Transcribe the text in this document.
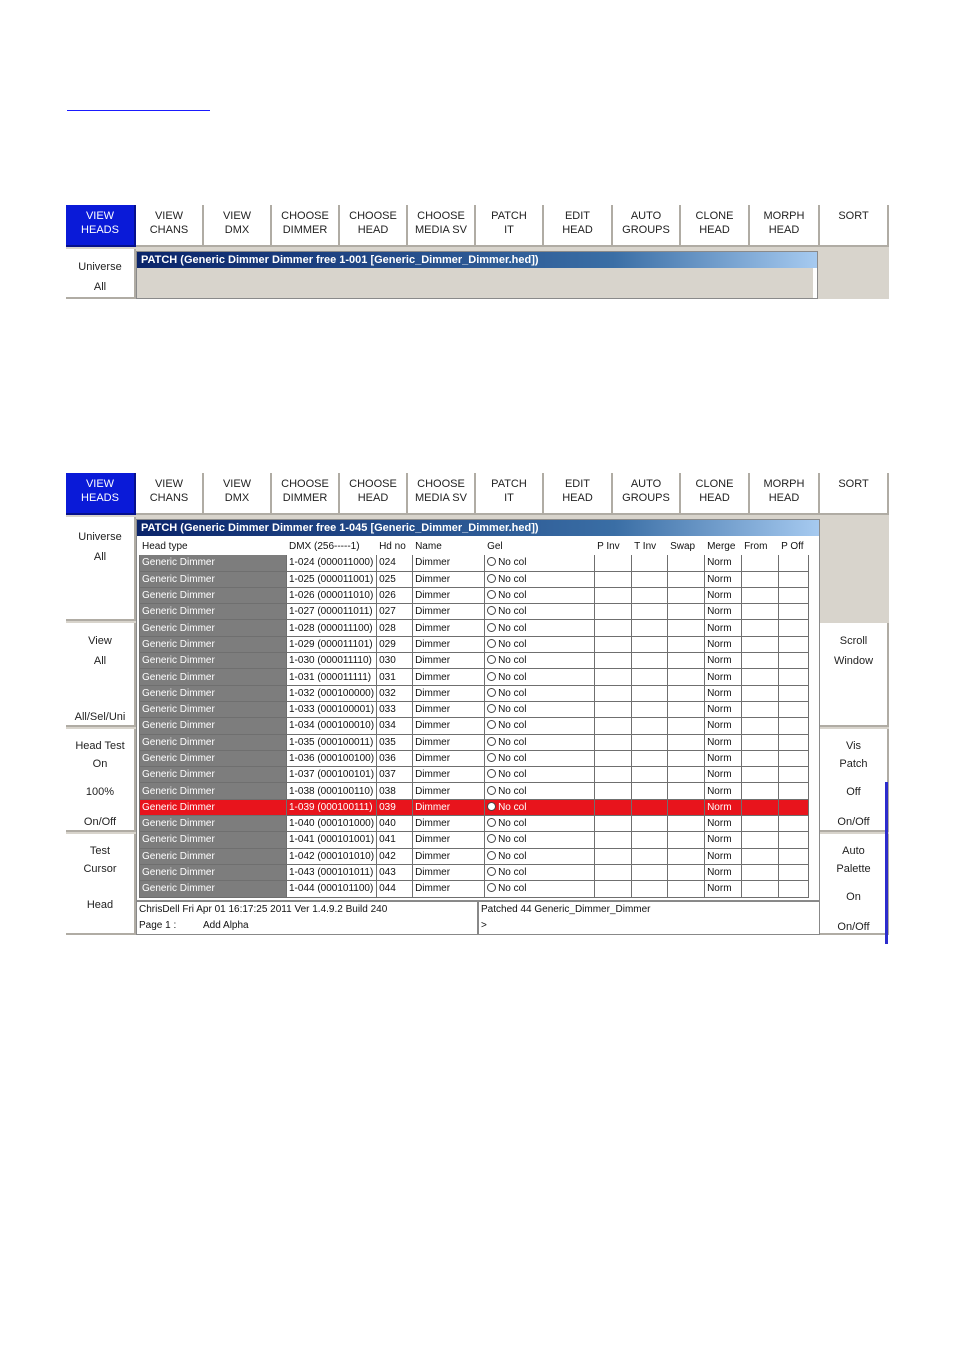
VIEW
HEADS
VIEW
CHANS
VIEW
DMX
CHOOSE
DIMMER
CHOOSE
HEAD
CHOOSE
MEDIA SV
PATCH
IT
EDIT
HEAD
AUTO
GROUPS
CLONE
HEAD
MORPH
HEAD
SORT
Universe
All
PATCH (Generic Dimmer Dimmer free 1-001 [Generic_Dimmer_Dimmer.hed])
VIEW
HEADS
VIEW
CHANS
VIEW
DMX
CHOOSE
DIMMER
CHOOSE
HEAD
CHOOSE
MEDIA SV
PATCH
IT
EDIT
HEAD
AUTO
GROUPS
CLONE
HEAD
MORPH
HEAD
SORT
Universe
All
View
All
All/Sel/Uni
Head Test
On
100%
On/Off
Test
Cursor
Head
Scroll
Window
Vis
Patch
Off
On/Off
Auto
Palette
On
On/Off
PATCH (Generic Dimmer Dimmer free 1-045 [Generic_Dimmer_Dimmer.hed])
Head type	DMX (256-----1)	Hd no	Name	Gel	P Inv	T Inv	Swap	Merge	From	P Off
Generic Dimmer	1-024 (000011000)	024	Dimmer	No col				Norm		
Generic Dimmer	1-025 (000011001)	025	Dimmer	No col				Norm		
Generic Dimmer	1-026 (000011010)	026	Dimmer	No col				Norm		
Generic Dimmer	1-027 (000011011)	027	Dimmer	No col				Norm		
Generic Dimmer	1-028 (000011100)	028	Dimmer	No col				Norm		
Generic Dimmer	1-029 (000011101)	029	Dimmer	No col				Norm		
Generic Dimmer	1-030 (000011110)	030	Dimmer	No col				Norm		
Generic Dimmer	1-031 (000011111)	031	Dimmer	No col				Norm		
Generic Dimmer	1-032 (000100000)	032	Dimmer	No col				Norm		
Generic Dimmer	1-033 (000100001)	033	Dimmer	No col				Norm		
Generic Dimmer	1-034 (000100010)	034	Dimmer	No col				Norm		
Generic Dimmer	1-035 (000100011)	035	Dimmer	No col				Norm		
Generic Dimmer	1-036 (000100100)	036	Dimmer	No col				Norm		
Generic Dimmer	1-037 (000100101)	037	Dimmer	No col				Norm		
Generic Dimmer	1-038 (000100110)	038	Dimmer	No col				Norm		
Generic Dimmer	1-039 (000100111)	039	Dimmer	No col				Norm		
Generic Dimmer	1-040 (000101000)	040	Dimmer	No col				Norm		
Generic Dimmer	1-041 (000101001)	041	Dimmer	No col				Norm		
Generic Dimmer	1-042 (000101010)	042	Dimmer	No col				Norm		
Generic Dimmer	1-043 (000101011)	043	Dimmer	No col				Norm		
Generic Dimmer	1-044 (000101100)	044	Dimmer	No col				Norm		
ChrisDell Fri Apr 01 16:17:25 2011 Ver 1.4.9.2 Build 240
Page 1 :	Add Alpha
Patched 44 Generic_Dimmer_Dimmer
>
